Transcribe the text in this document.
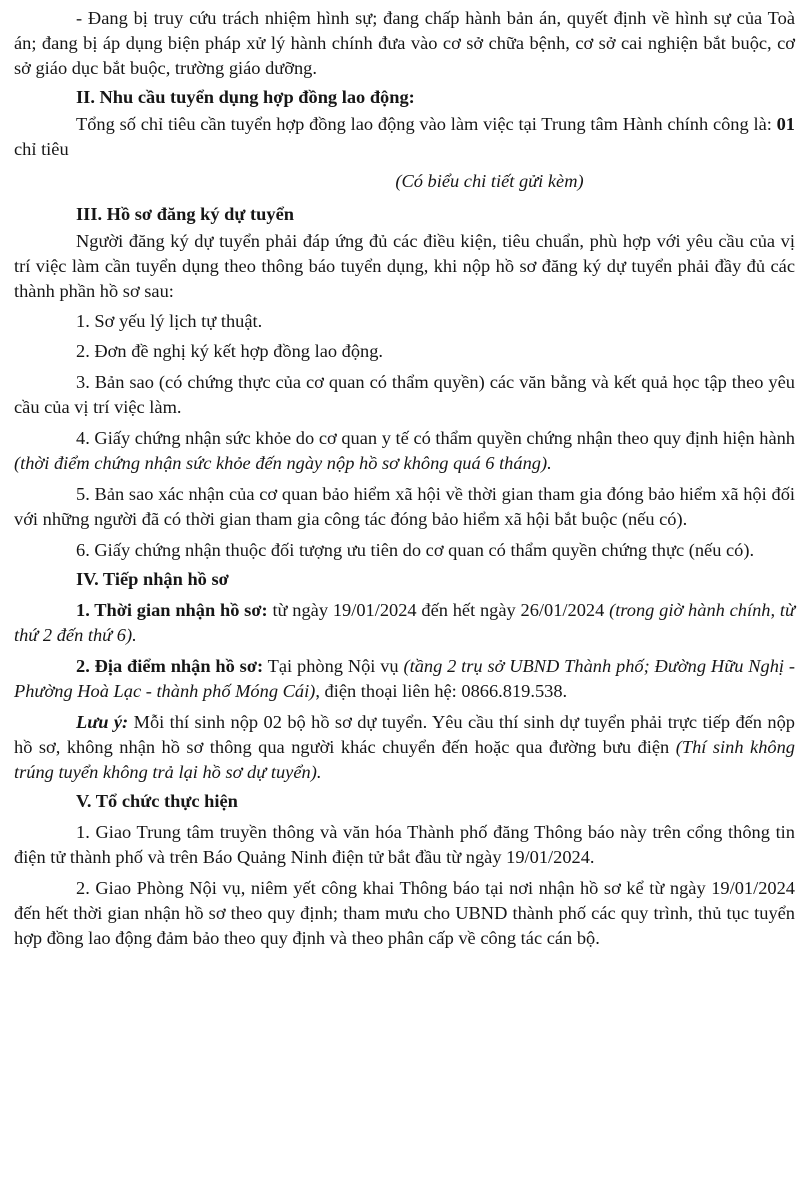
- Đang bị truy cứu trách nhiệm hình sự; đang chấp hành bản án, quyết định về hình sự của Toà án; đang bị áp dụng biện pháp xử lý hành chính đưa vào cơ sở chữa bệnh, cơ sở cai nghiện bắt buộc, cơ sở giáo dục bắt buộc, trường giáo dưỡng.

II. Nhu cầu tuyển dụng hợp đồng lao động:

Tổng số chỉ tiêu cần tuyển hợp đồng lao động vào làm việc tại Trung tâm Hành chính công là: 01 chỉ tiêu

(Có biểu chi tiết gửi kèm)

III. Hồ sơ đăng ký dự tuyển

Người đăng ký dự tuyển phải đáp ứng đủ các điều kiện, tiêu chuẩn, phù hợp với yêu cầu của vị trí việc làm cần tuyển dụng theo thông báo tuyển dụng, khi nộp hồ sơ đăng ký dự tuyển phải đầy đủ các thành phần hồ sơ sau:

1. Sơ yếu lý lịch tự thuật.

2. Đơn đề nghị ký kết hợp đồng lao động.

3. Bản sao (có chứng thực của cơ quan có thẩm quyền) các văn bằng và kết quả học tập theo yêu cầu của vị trí việc làm.

4. Giấy chứng nhận sức khỏe do cơ quan y tế có thẩm quyền chứng nhận theo quy định hiện hành (thời điểm chứng nhận sức khỏe đến ngày nộp hồ sơ không quá 6 tháng).

5. Bản sao xác nhận của cơ quan bảo hiểm xã hội về thời gian tham gia đóng bảo hiểm xã hội đối với những người đã có thời gian tham gia công tác đóng bảo hiểm xã hội bắt buộc (nếu có).

6. Giấy chứng nhận thuộc đối tượng ưu tiên do cơ quan có thẩm quyền chứng thực (nếu có).

IV. Tiếp nhận hồ sơ

1. Thời gian nhận hồ sơ: từ ngày 19/01/2024 đến hết ngày 26/01/2024 (trong giờ hành chính, từ thứ 2 đến thứ 6).

2. Địa điểm nhận hồ sơ: Tại phòng Nội vụ (tầng 2 trụ sở UBND Thành phố; Đường Hữu Nghị - Phường Hoà Lạc - thành phố Móng Cái), điện thoại liên hệ: 0866.819.538.

Lưu ý: Mỗi thí sinh nộp 02 bộ hồ sơ dự tuyển. Yêu cầu thí sinh dự tuyển phải trực tiếp đến nộp hồ sơ, không nhận hồ sơ thông qua người khác chuyển đến hoặc qua đường bưu điện (Thí sinh không trúng tuyển không trả lại hồ sơ dự tuyển).

V. Tổ chức thực hiện

1. Giao Trung tâm truyền thông và văn hóa Thành phố đăng Thông báo này trên cổng thông tin điện tử thành phố và trên Báo Quảng Ninh điện tử bắt đầu từ ngày 19/01/2024.

2. Giao Phòng Nội vụ, niêm yết công khai Thông báo tại nơi nhận hồ sơ kể từ ngày 19/01/2024 đến hết thời gian nhận hồ sơ theo quy định; tham mưu cho UBND thành phố các quy trình, thủ tục tuyển hợp đồng lao động đảm bảo theo quy định và theo phân cấp về công tác cán bộ.
